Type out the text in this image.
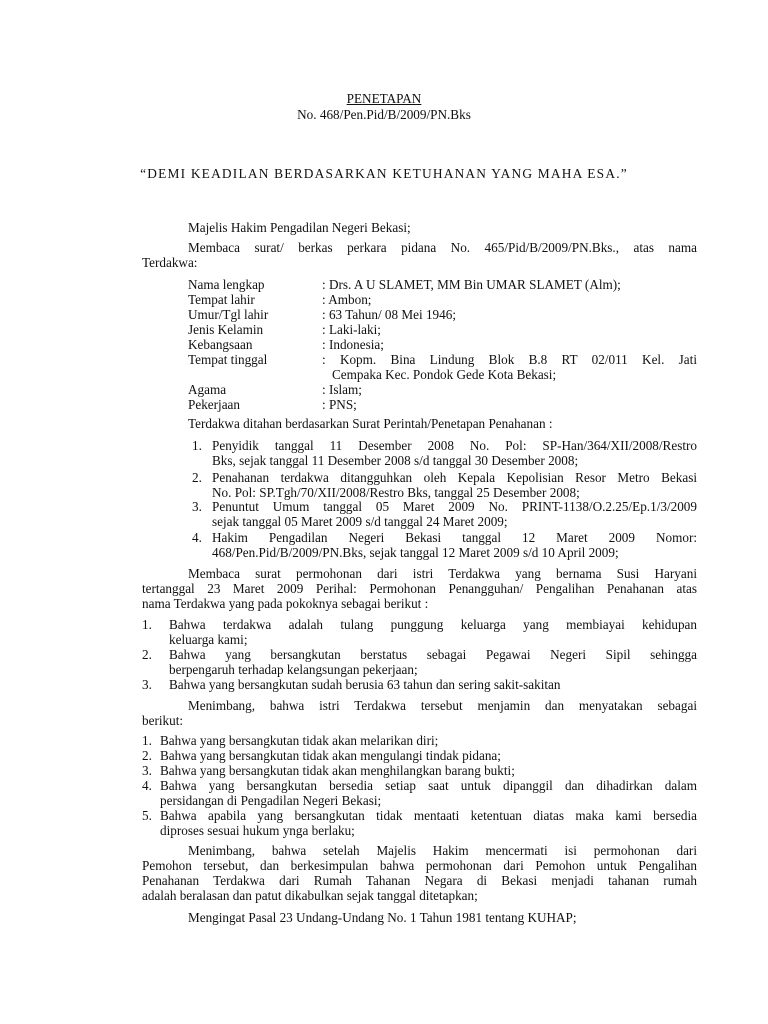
PENETAPAN
No. 468/Pen.Pid/B/2009/PN.Bks
“DEMI KEADILAN BERDASARKAN KETUHANAN YANG MAHA ESA.”
Majelis Hakim Pengadilan Negeri Bekasi;
Membaca surat/ berkas perkara pidana No. 465/Pid/B/2009/PN.Bks., atas nama
Terdakwa:
Nama lengkap	: Drs. A U SLAMET, MM Bin UMAR SLAMET (Alm);
Tempat lahir	: Ambon;
Umur/Tgl lahir	: 63 Tahun/ 08 Mei 1946;
Jenis Kelamin	: Laki-laki;
Kebangsaan	: Indonesia;
Tempat tinggal	: Kopm. Bina Lindung Blok B.8 RT 02/011 Kel. Jati
Cempaka Kec. Pondok Gede Kota Bekasi;
Agama	: Islam;
Pekerjaan	: PNS;
Terdakwa ditahan berdasarkan Surat Perintah/Penetapan Penahanan :
1. Penyidik tanggal 11 Desember 2008 No. Pol: SP-Han/364/XII/2008/Restro
Bks, sejak tanggal 11 Desember 2008 s/d tanggal 30 Desember 2008;
2. Penahanan terdakwa ditangguhkan oleh Kepala Kepolisian Resor Metro Bekasi
No. Pol: SP.Tgh/70/XII/2008/Restro Bks, tanggal 25 Desember 2008;
3. Penuntut Umum tanggal 05 Maret 2009 No. PRINT-1138/O.2.25/Ep.1/3/2009
sejak tanggal 05 Maret 2009 s/d tanggal 24 Maret 2009;
4. Hakim Pengadilan Negeri Bekasi tanggal 12 Maret 2009 Nomor:
468/Pen.Pid/B/2009/PN.Bks, sejak tanggal 12 Maret 2009 s/d 10 April 2009;
Membaca surat permohonan dari istri Terdakwa yang bernama Susi Haryani
tertanggal 23 Maret 2009 Perihal: Permohonan Penangguhan/ Pengalihan Penahanan atas
nama Terdakwa yang pada pokoknya sebagai berikut :
1. Bahwa terdakwa adalah tulang punggung keluarga yang membiayai kehidupan
keluarga kami;
2. Bahwa yang bersangkutan berstatus sebagai Pegawai Negeri Sipil sehingga
berpengaruh terhadap kelangsungan pekerjaan;
3. Bahwa yang bersangkutan sudah berusia 63 tahun dan sering sakit-sakitan
Menimbang, bahwa istri Terdakwa tersebut menjamin dan menyatakan sebagai
berikut:
1. Bahwa yang bersangkutan tidak akan melarikan diri;
2. Bahwa yang bersangkutan tidak akan mengulangi tindak pidana;
3. Bahwa yang bersangkutan tidak akan menghilangkan barang bukti;
4. Bahwa yang bersangkutan bersedia setiap saat untuk dipanggil dan dihadirkan dalam
persidangan di Pengadilan Negeri Bekasi;
5. Bahwa apabila yang bersangkutan tidak mentaati ketentuan diatas maka kami bersedia
diproses sesuai hukum ynga berlaku;
Menimbang, bahwa setelah Majelis Hakim mencermati isi permohonan dari
Pemohon tersebut, dan berkesimpulan bahwa permohonan dari Pemohon untuk Pengalihan
Penahanan Terdakwa dari Rumah Tahanan Negara di Bekasi menjadi tahanan rumah
adalah beralasan dan patut dikabulkan sejak tanggal ditetapkan;
Mengingat Pasal 23 Undang-Undang No. 1 Tahun 1981 tentang KUHAP;
